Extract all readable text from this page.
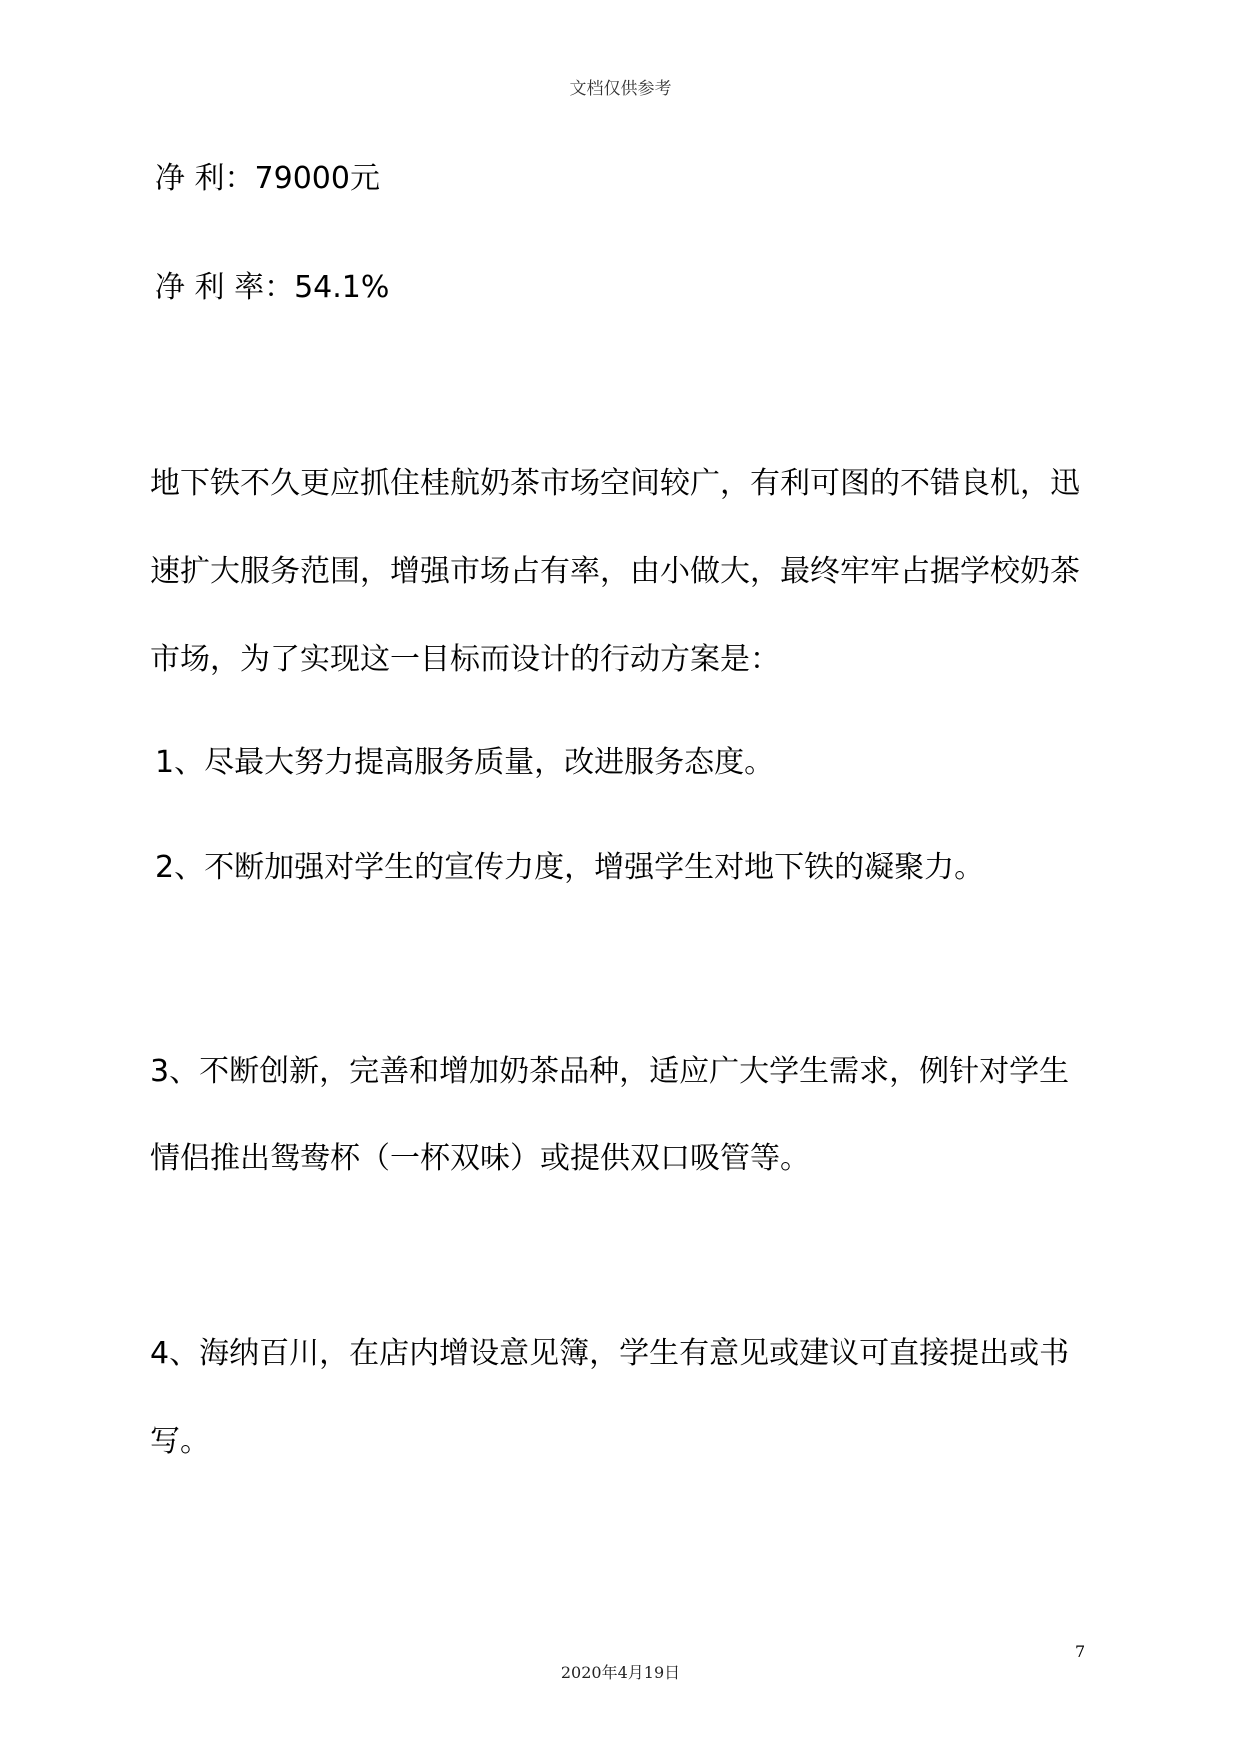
文档仅供参考
净 利：79000元
净 利 率：54.1%
地下铁不久更应抓住桂航奶茶市场空间较广，有利可图的不错良机，迅
速扩大服务范围，增强市场占有率，由小做大，最终牢牢占据学校奶茶
市场，为了实现这一目标而设计的行动方案是：
1、尽最大努力提高服务质量，改进服务态度。
2、不断加强对学生的宣传力度，增强学生对地下铁的凝聚力。
3、不断创新，完善和增加奶茶品种，适应广大学生需求，例针对学生
情侣推出鸳鸯杯（一杯双味）或提供双口吸管等。
4、海纳百川，在店内增设意见簿，学生有意见或建议可直接提出或书
写。
7
2020年4月19日
